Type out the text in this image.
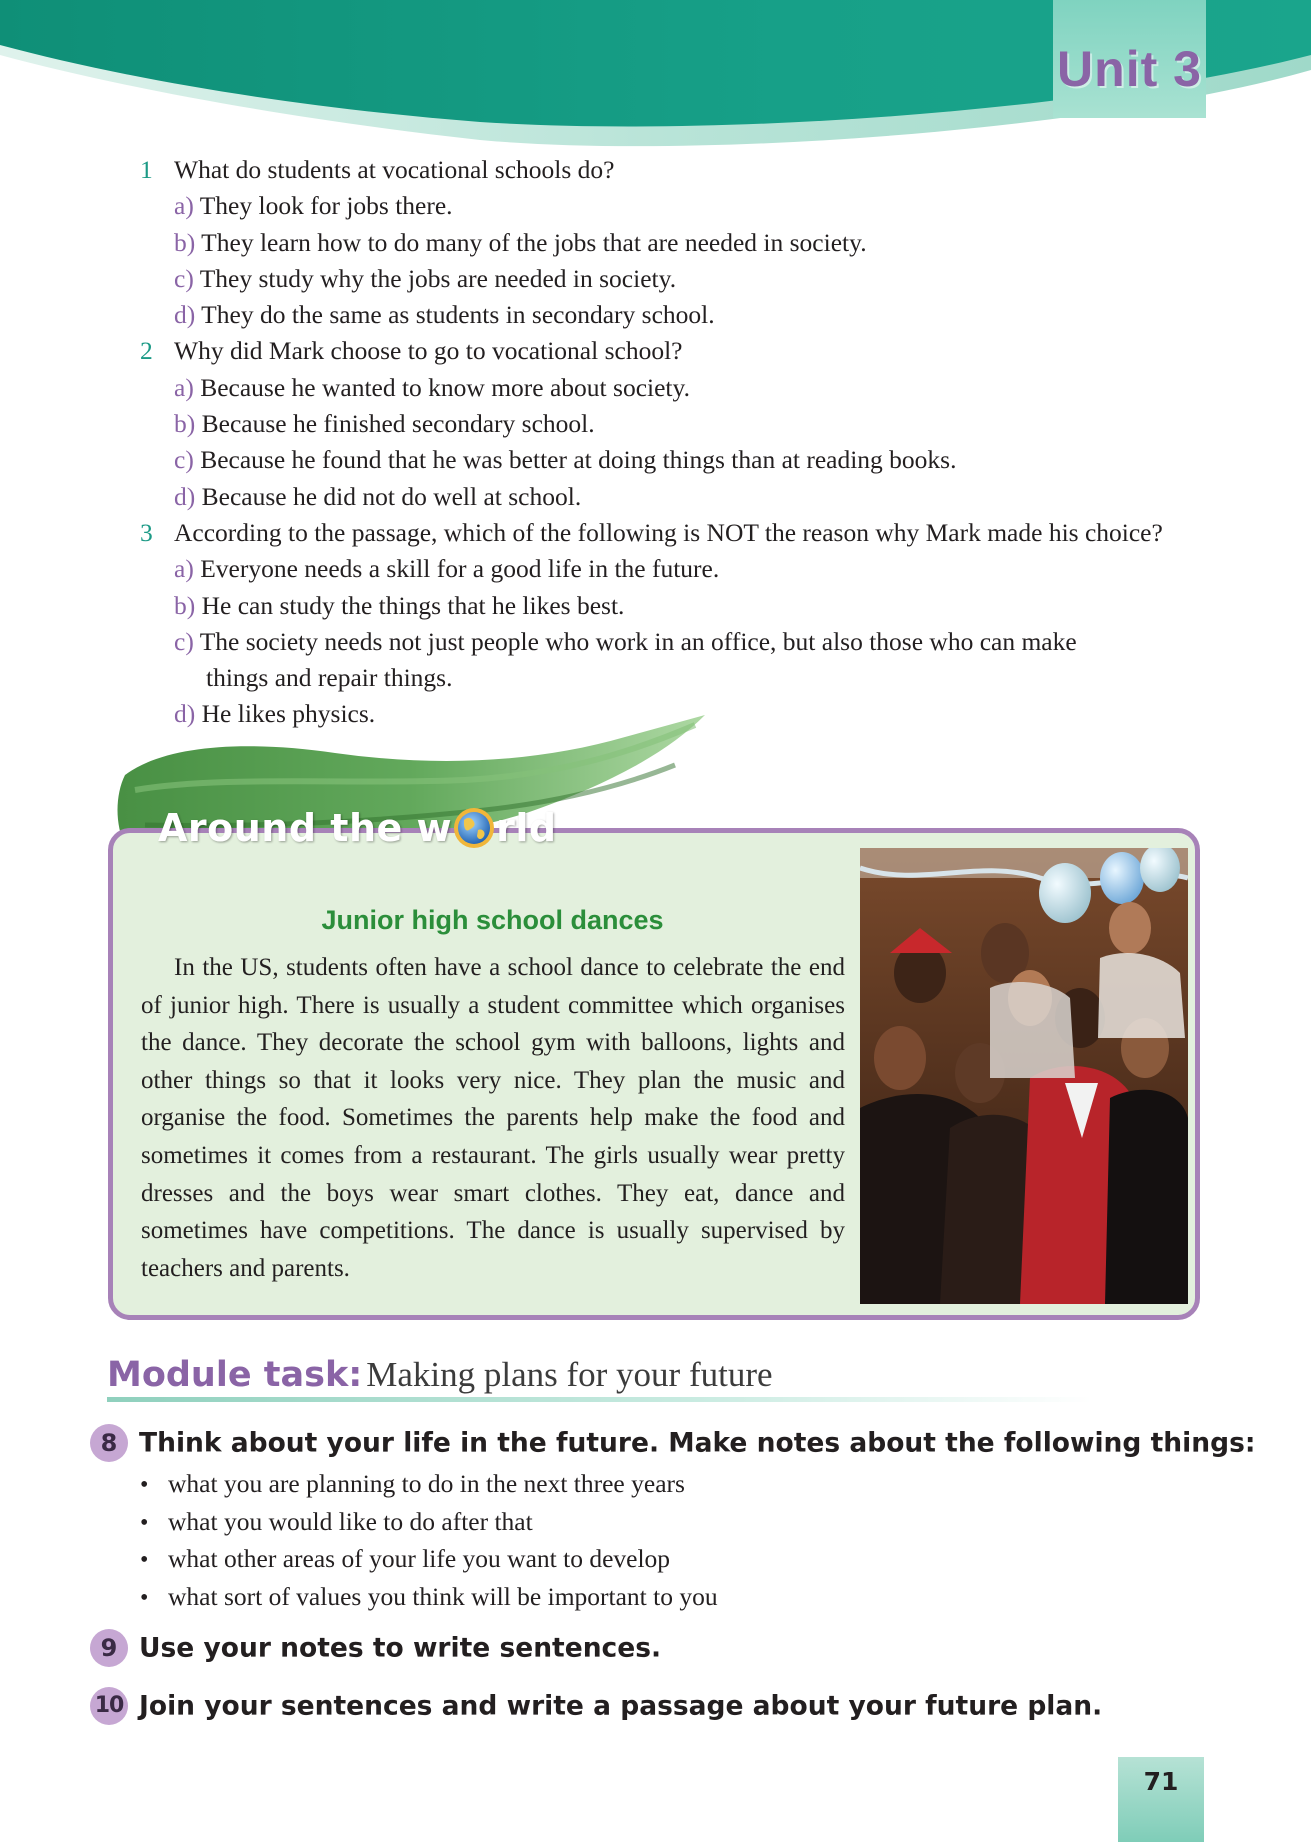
Unit 3
1 What do students at vocational schools do?
a) They look for jobs there.
b) They learn how to do many of the jobs that are needed in society.
c) They study why the jobs are needed in society.
d) They do the same as students in secondary school.
2 Why did Mark choose to go to vocational school?
a) Because he wanted to know more about society.
b) Because he finished secondary school.
c) Because he found that he was better at doing things than at reading books.
d) Because he did not do well at school.
3 According to the passage, which of the following is NOT the reason why Mark made his choice?
a) Everyone needs a skill for a good life in the future.
b) He can study the things that he likes best.
c) The society needs not just people who work in an office, but also those who can make
things and repair things.
d) He likes physics.
Around the w rld
Junior high school dances

In the US, students often have a school dance to celebrate the end of junior high. There is usually a student committee which organises the dance. They decorate the school gym with balloons, lights and other things so that it looks very nice. They plan the music and organise the food. Sometimes the parents help make the food and sometimes it comes from a restaurant. The girls usually wear pretty dresses and the boys wear smart clothes. They eat, dance and sometimes have competitions. The dance is usually supervised by teachers and parents.

Module task: Making plans for your future
8 Think about your life in the future. Make notes about the following things:
• what you are planning to do in the next three years
• what you would like to do after that
• what other areas of your life you want to develop
• what sort of values you think will be important to you
9 Use your notes to write sentences.
10 Join your sentences and write a passage about your future plan.
71
